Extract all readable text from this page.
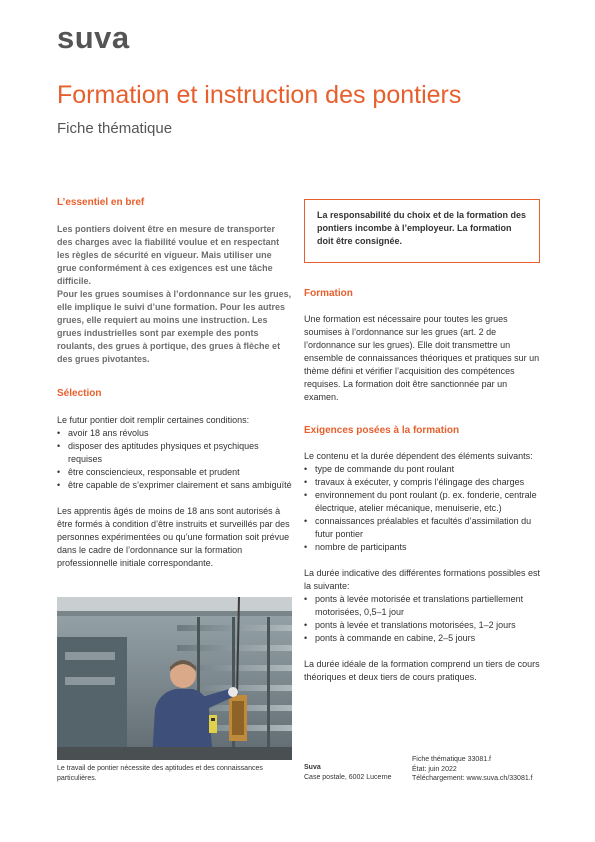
suva
Formation et instruction des pontiers
Fiche thématique
L’essentiel en bref

Les pontiers doivent être en mesure de transporter des charges avec la fiabilité voulue et en respectant les règles de sécurité en vigueur. Mais utiliser une grue conformément à ces exigences est une tâche difficile.

Pour les grues soumises à l’ordonnance sur les grues, elle implique le suivi d’une formation. Pour les autres grues, elle requiert au moins une instruction. Les grues industrielles sont par exemple des ponts roulants, des grues à portique, des grues à flèche et des grues pivotantes.

Sélection

Le futur pontier doit remplir certaines conditions:

• avoir 18 ans révolus
• disposer des aptitudes physiques et psychiques requises
• être consciencieux, responsable et prudent
• être capable de s’exprimer clairement et sans ambiguïté

Les apprentis âgés de moins de 18 ans sont autorisés à être formés à condition d’être instruits et surveillés par des personnes expérimentées ou qu’une formation soit prévue dans le cadre de l’ordonnance sur la formation professionnelle initiale correspondante.

Le travail de pontier nécessite des aptitudes et des connaissances particulières.
La responsabilité du choix et de la formation des pontiers incombe à l’employeur. La formation doit être consignée.
Formation

Une formation est nécessaire pour toutes les grues soumises à l’ordonnance sur les grues (art. 2 de l’ordonnance sur les grues). Elle doit transmettre un ensemble de connaissances théoriques et pratiques sur un thème défini et vérifier l’acquisition des compétences requises. La formation doit être sanctionnée par un examen.

Exigences posées à la formation

Le contenu et la durée dépendent des éléments suivants:

• type de commande du pont roulant
• travaux à exécuter, y compris l’élingage des charges
• environnement du pont roulant (p. ex. fonderie, centrale électrique, atelier mécanique, menuiserie, etc.)
• connaissances préalables et facultés d’assimilation du futur pontier
• nombre de participants

La durée indicative des différentes formations possibles est la suivante:

• ponts à levée motorisée et translations partiellement motorisées, 0,5–1 jour
• ponts à levée et translations motorisées, 1–2 jours
• ponts à commande en cabine, 2–5 jours

La durée idéale de la formation comprend un tiers de cours théoriques et deux tiers de cours pratiques.

Suva
Case postale, 6002 Lucerne
Fiche thématique 33081.f
État: juin 2022
Téléchargement: www.suva.ch/33081.f
